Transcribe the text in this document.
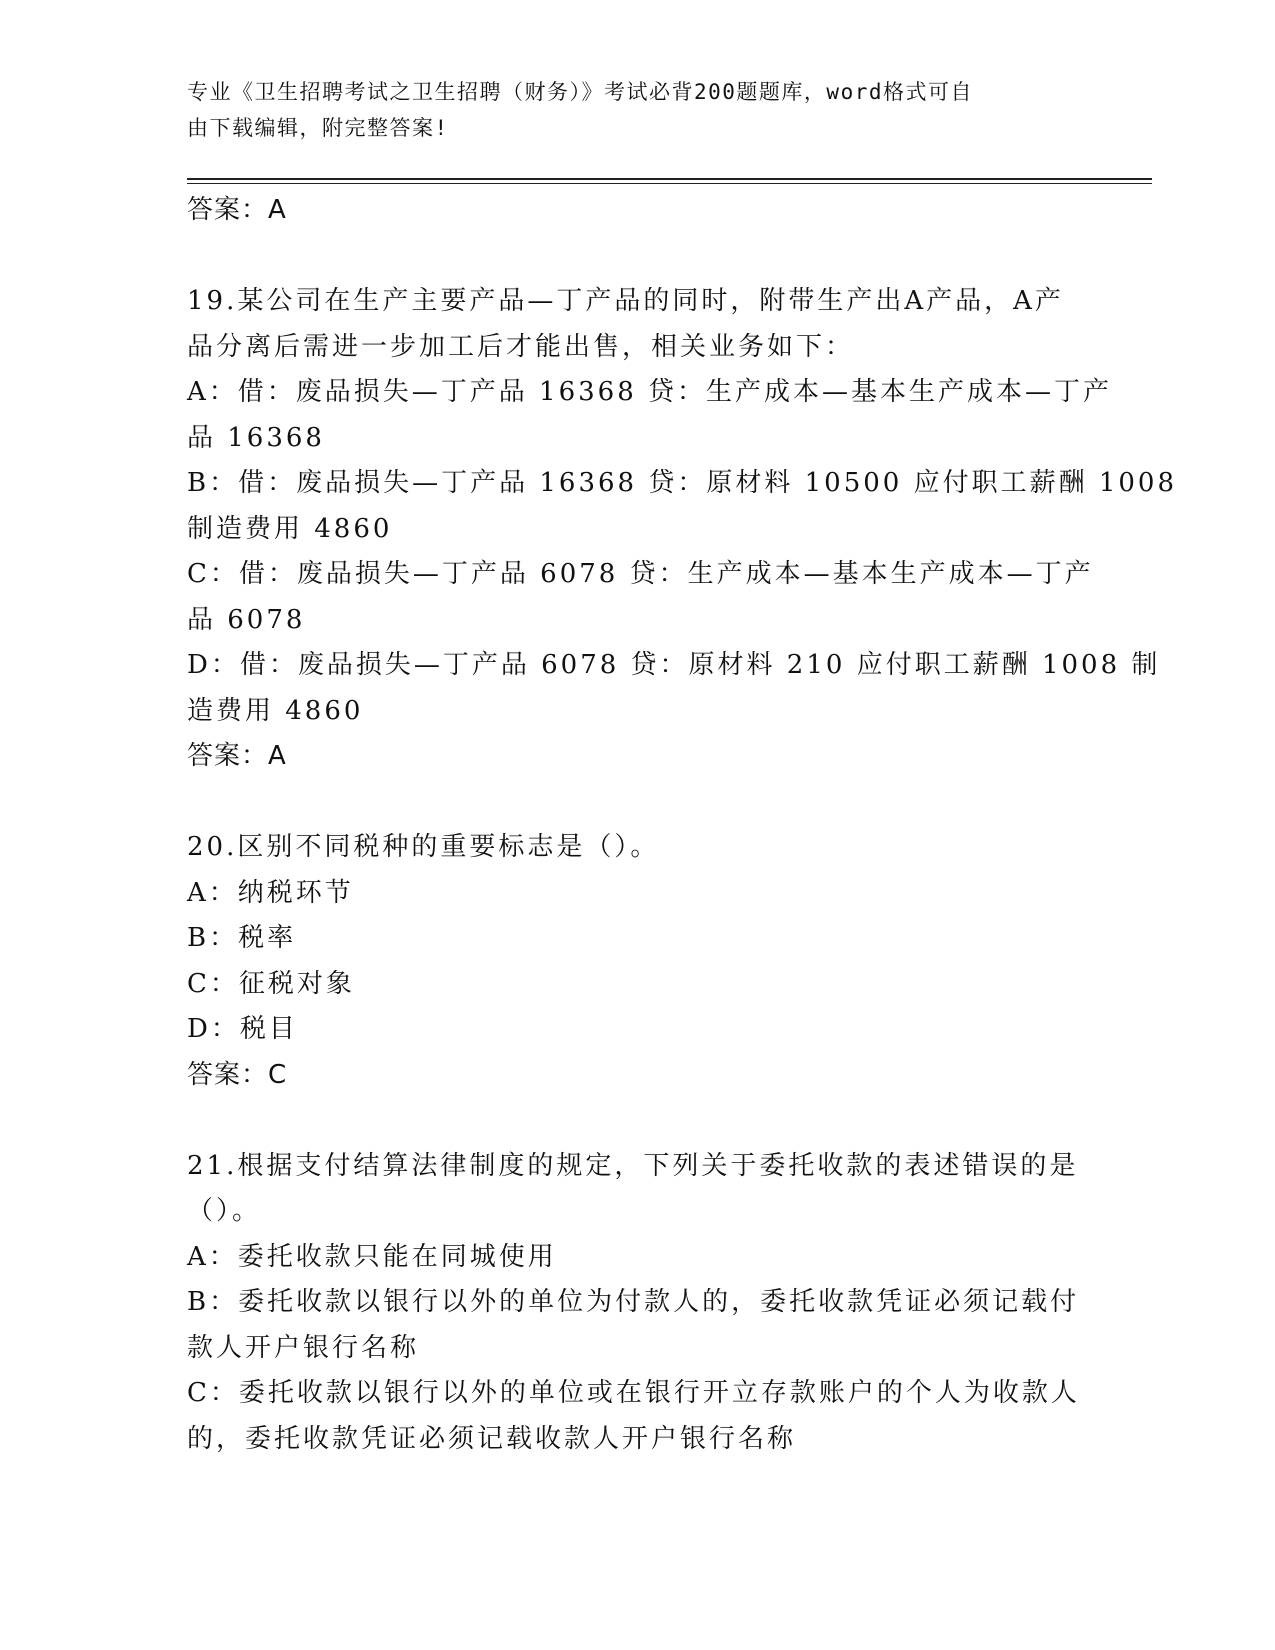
专业《卫生招聘考试之卫生招聘（财务）》考试必背200题题库，word格式可自
由下载编辑，附完整答案!
答案：A
19.某公司在生产主要产品—丁产品的同时，附带生产出A产品，A产
品分离后需进一步加工后才能出售，相关业务如下：
A：借：废品损失—丁产品 16368 贷：生产成本—基本生产成本—丁产
品 16368
B：借：废品损失—丁产品 16368 贷：原材料 10500 应付职工薪酬 1008
制造费用 4860
C：借：废品损失—丁产品 6078 贷：生产成本—基本生产成本—丁产
品 6078
D：借：废品损失—丁产品 6078 贷：原材料 210 应付职工薪酬 1008 制
造费用 4860
答案：A
20.区别不同税种的重要标志是（）。
A：纳税环节
B：税率
C：征税对象
D：税目
答案：C
21.根据支付结算法律制度的规定，下列关于委托收款的表述错误的是
（）。
A：委托收款只能在同城使用
B：委托收款以银行以外的单位为付款人的，委托收款凭证必须记载付
款人开户银行名称
C：委托收款以银行以外的单位或在银行开立存款账户的个人为收款人
的，委托收款凭证必须记载收款人开户银行名称
